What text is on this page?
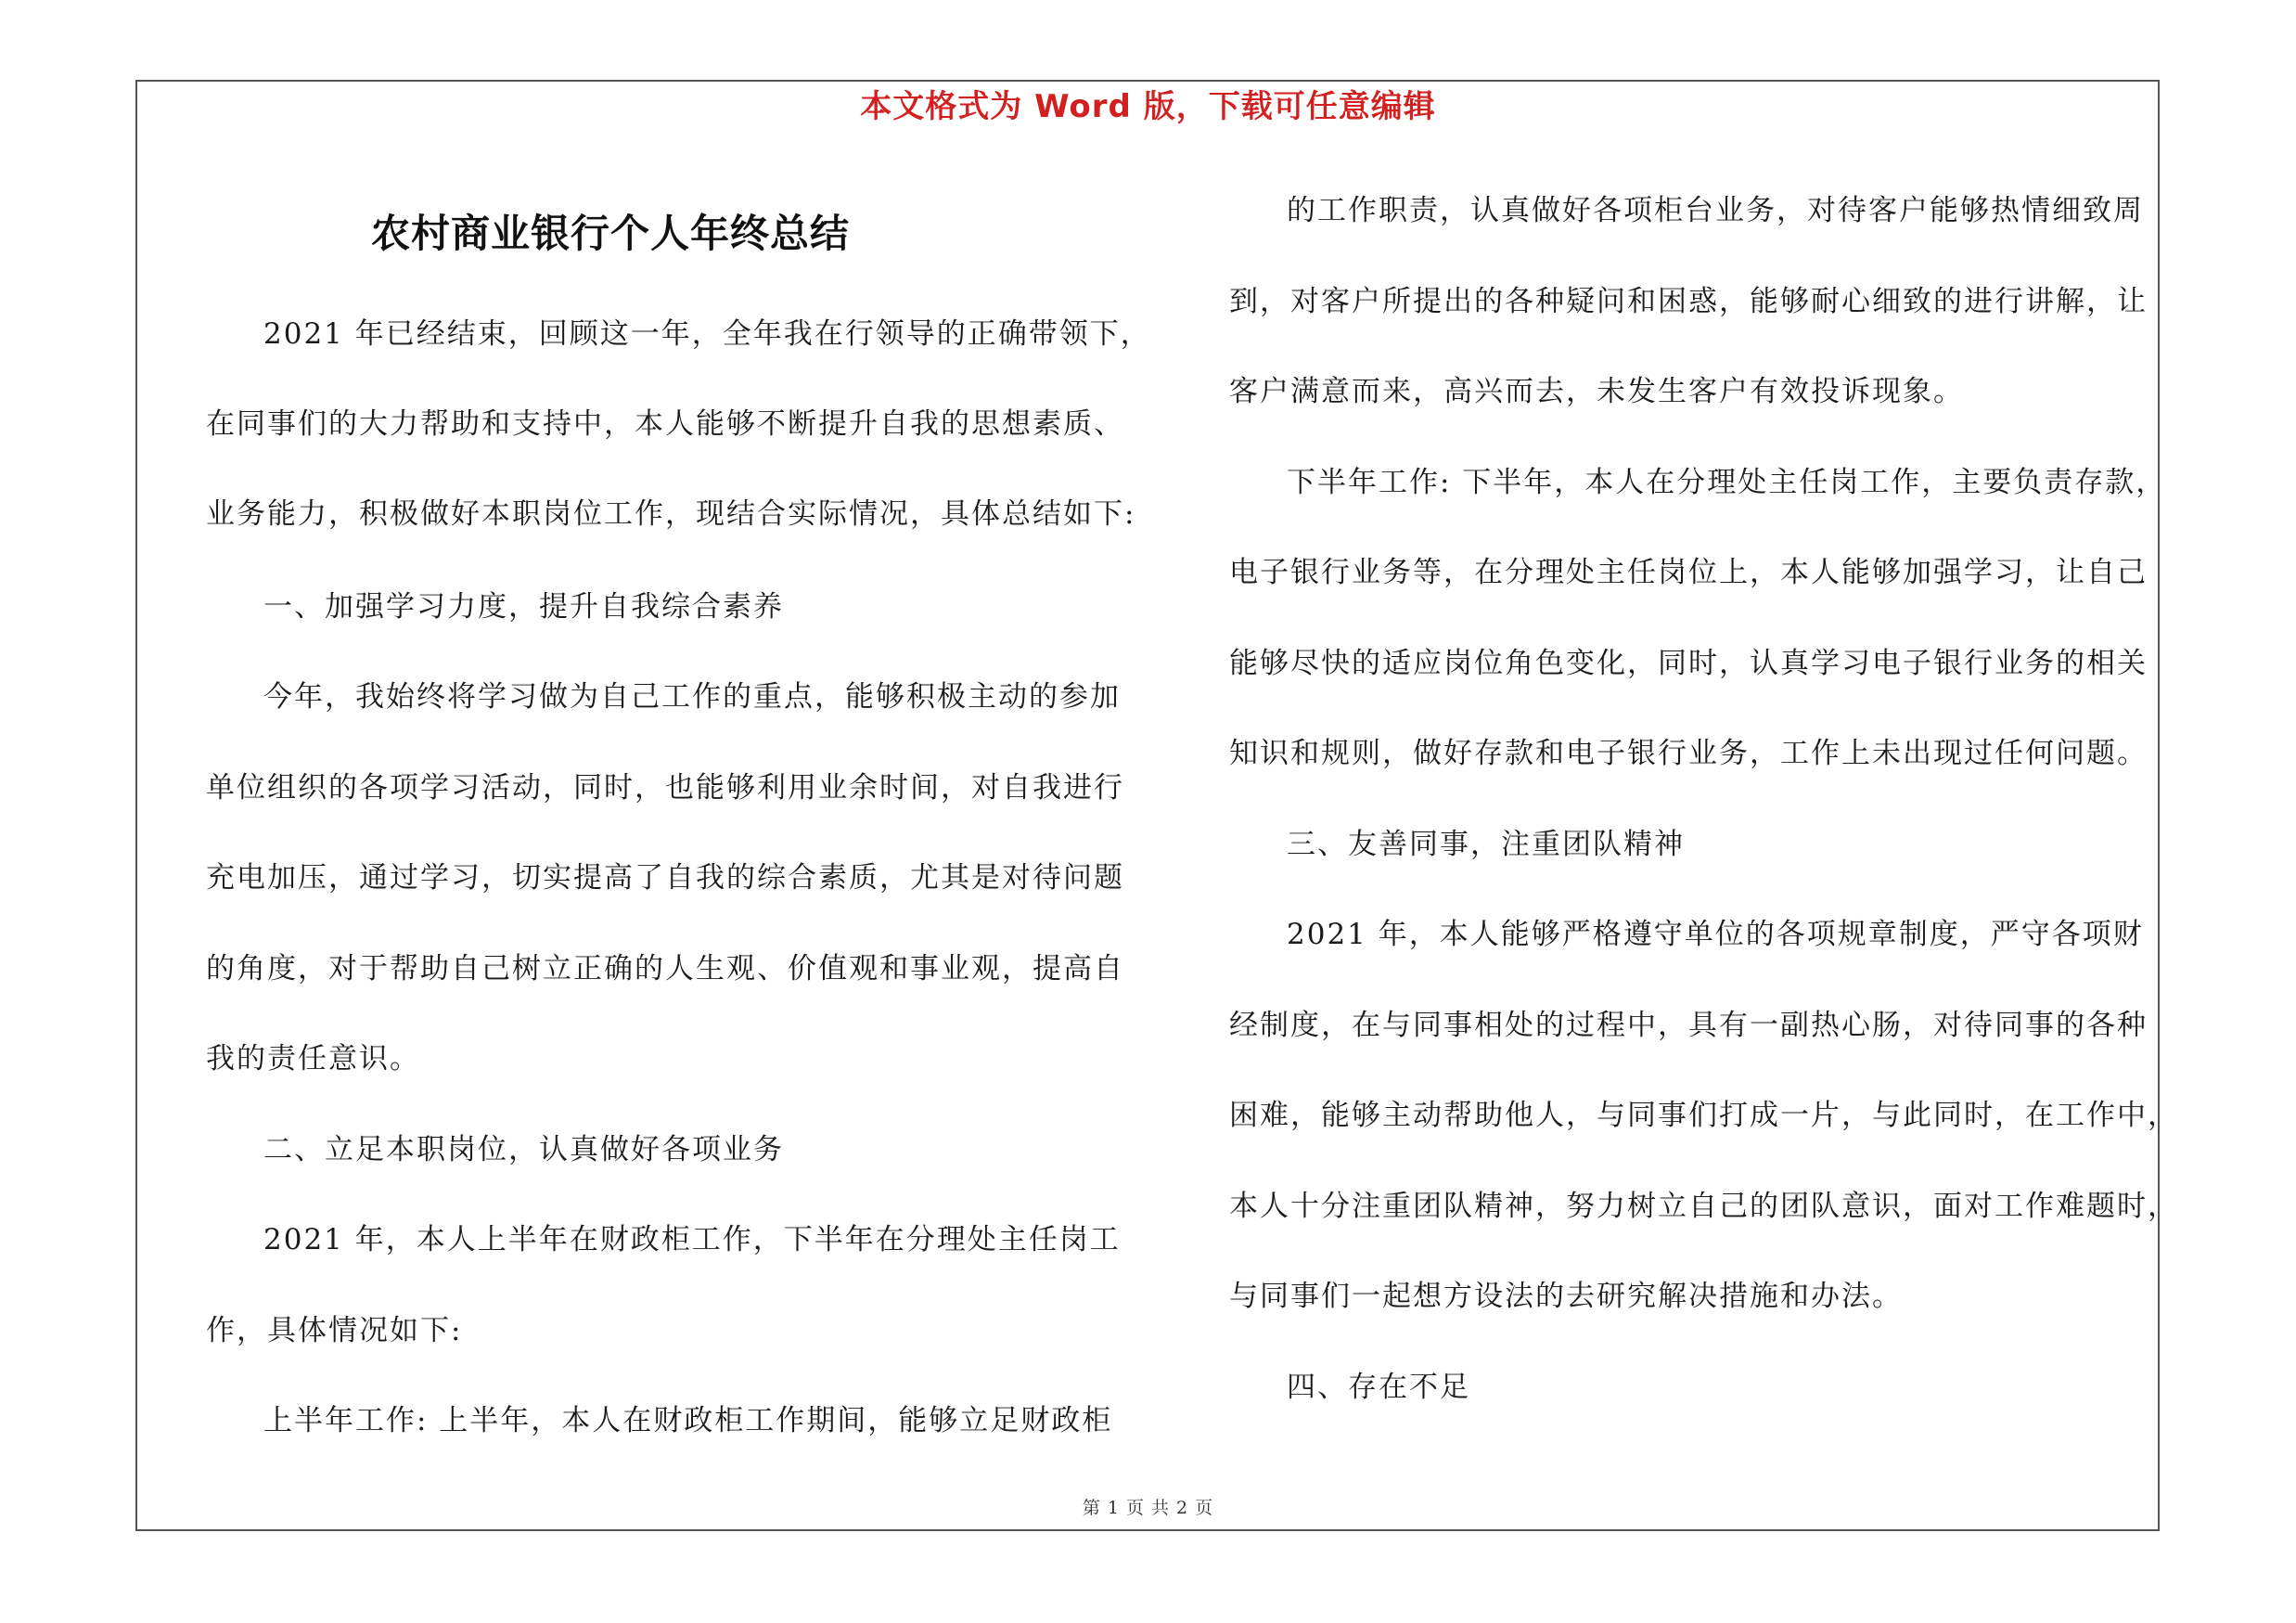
本文格式为 Word 版，下载可任意编辑
农村商业银行个人年终总结
2021 年已经结束，回顾这一年，全年我在行领导的正确带领下，
在同事们的大力帮助和支持中，本人能够不断提升自我的思想素质、
业务能力，积极做好本职岗位工作，现结合实际情况，具体总结如下:
一、加强学习力度，提升自我综合素养
今年，我始终将学习做为自己工作的重点，能够积极主动的参加
单位组织的各项学习活动，同时，也能够利用业余时间，对自我进行
充电加压，通过学习，切实提高了自我的综合素质，尤其是对待问题
的角度，对于帮助自己树立正确的人生观、价值观和事业观，提高自
我的责任意识。
二、立足本职岗位，认真做好各项业务
2021 年，本人上半年在财政柜工作，下半年在分理处主任岗工
作，具体情况如下:
上半年工作: 上半年，本人在财政柜工作期间，能够立足财政柜
的工作职责，认真做好各项柜台业务，对待客户能够热情细致周
到，对客户所提出的各种疑问和困惑，能够耐心细致的进行讲解，让
客户满意而来，高兴而去，未发生客户有效投诉现象。
下半年工作: 下半年，本人在分理处主任岗工作，主要负责存款，
电子银行业务等，在分理处主任岗位上，本人能够加强学习，让自己
能够尽快的适应岗位角色变化，同时，认真学习电子银行业务的相关
知识和规则，做好存款和电子银行业务，工作上未出现过任何问题。
三、友善同事，注重团队精神
2021 年，本人能够严格遵守单位的各项规章制度，严守各项财
经制度，在与同事相处的过程中，具有一副热心肠，对待同事的各种
困难，能够主动帮助他人，与同事们打成一片，与此同时，在工作中，
本人十分注重团队精神，努力树立自己的团队意识，面对工作难题时，
与同事们一起想方设法的去研究解决措施和办法。
四、存在不足
第 1 页 共 2 页
